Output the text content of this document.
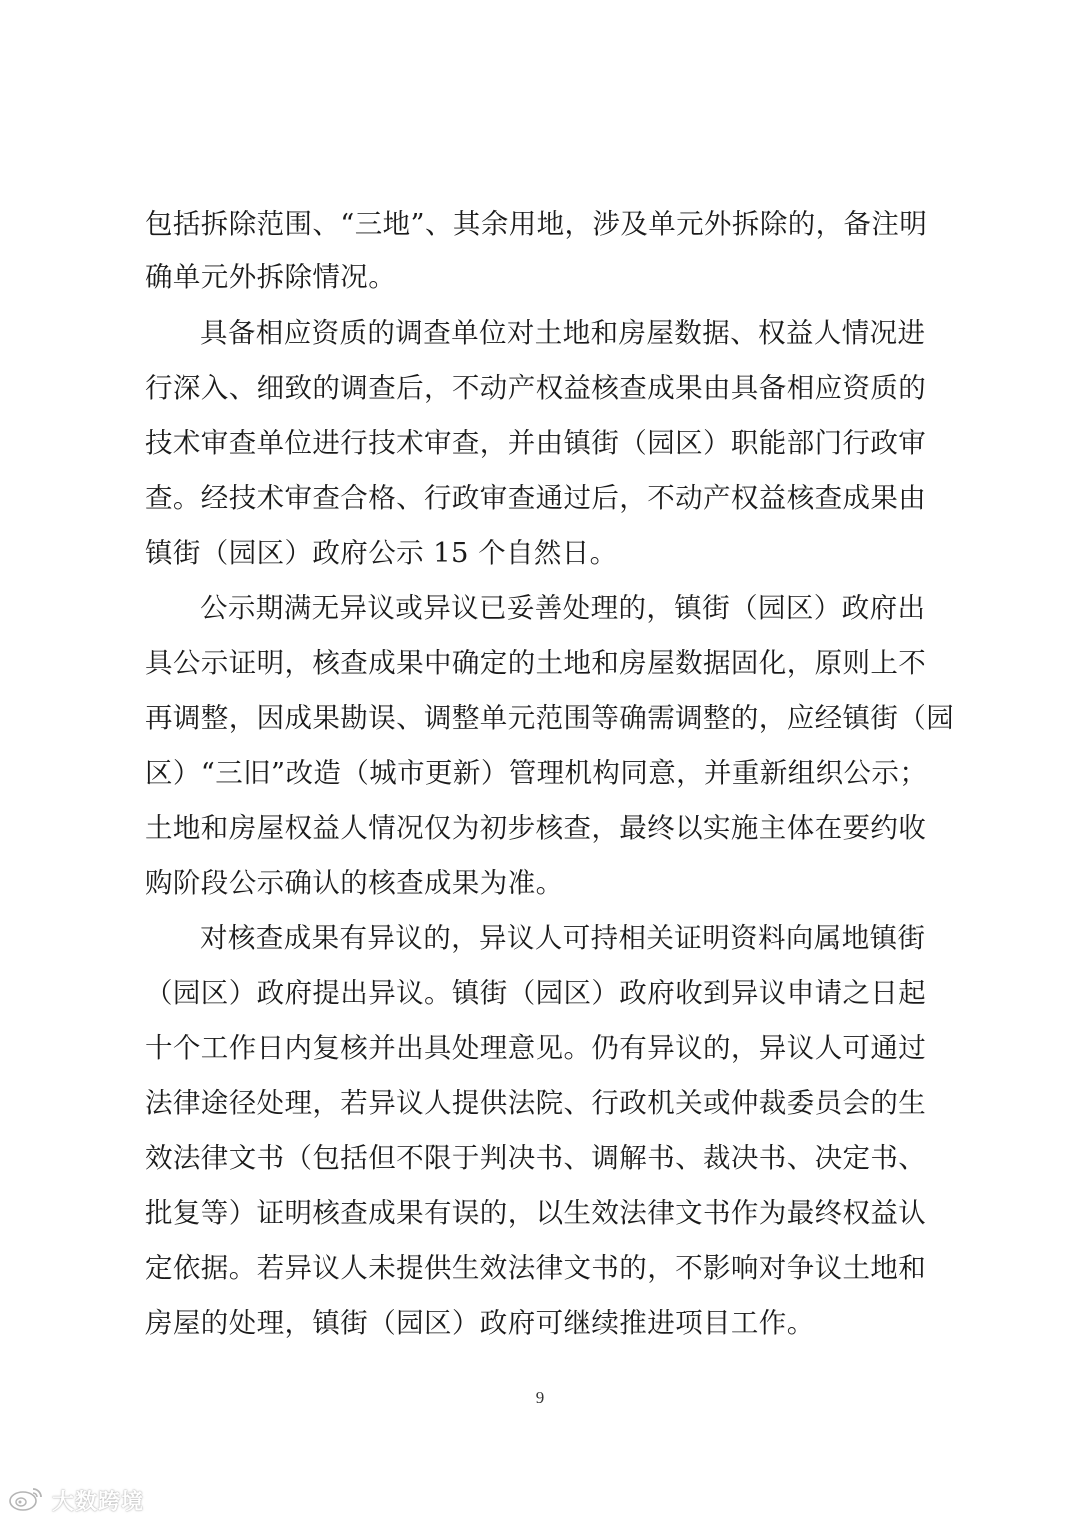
包括拆除范围、“三地”、其余用地，涉及单元外拆除的，备注明
确单元外拆除情况。
具备相应资质的调查单位对土地和房屋数据、权益人情况进
行深入、细致的调查后，不动产权益核查成果由具备相应资质的
技术审查单位进行技术审查，并由镇街（园区）职能部门行政审
查。经技术审查合格、行政审查通过后，不动产权益核查成果由
镇街（园区）政府公示 15 个自然日。
公示期满无异议或异议已妥善处理的，镇街（园区）政府出
具公示证明，核查成果中确定的土地和房屋数据固化，原则上不
再调整，因成果勘误、调整单元范围等确需调整的，应经镇街（园
区）“三旧”改造（城市更新）管理机构同意，并重新组织公示；
土地和房屋权益人情况仅为初步核查，最终以实施主体在要约收
购阶段公示确认的核查成果为准。
对核查成果有异议的，异议人可持相关证明资料向属地镇街
（园区）政府提出异议。镇街（园区）政府收到异议申请之日起
十个工作日内复核并出具处理意见。仍有异议的，异议人可通过
法律途径处理，若异议人提供法院、行政机关或仲裁委员会的生
效法律文书（包括但不限于判决书、调解书、裁决书、决定书、
批复等）证明核查成果有误的，以生效法律文书作为最终权益认
定依据。若异议人未提供生效法律文书的，不影响对争议土地和
房屋的处理，镇街（园区）政府可继续推进项目工作。
9
大数跨境
